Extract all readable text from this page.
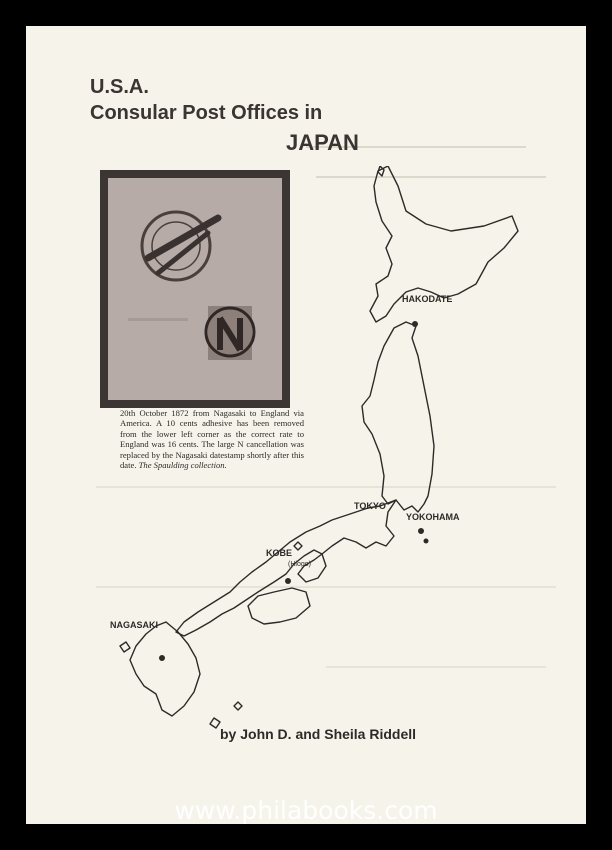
U.S.A.
Consular Post Offices in
JAPAN
20th October 1872 from Nagasaki to England via America. A 10 cents adhesive has been removed from the lower left corner as the correct rate to England was 16 cents. The large N cancellation was replaced by the Nagasaki datestamp shortly after this date. The Spaulding collection.
HAKODATE
TOKYO
YOKOHAMA
KOBE
(Hiogo)
NAGASAKI
by John D. and Sheila Riddell
www.philabooks.com
